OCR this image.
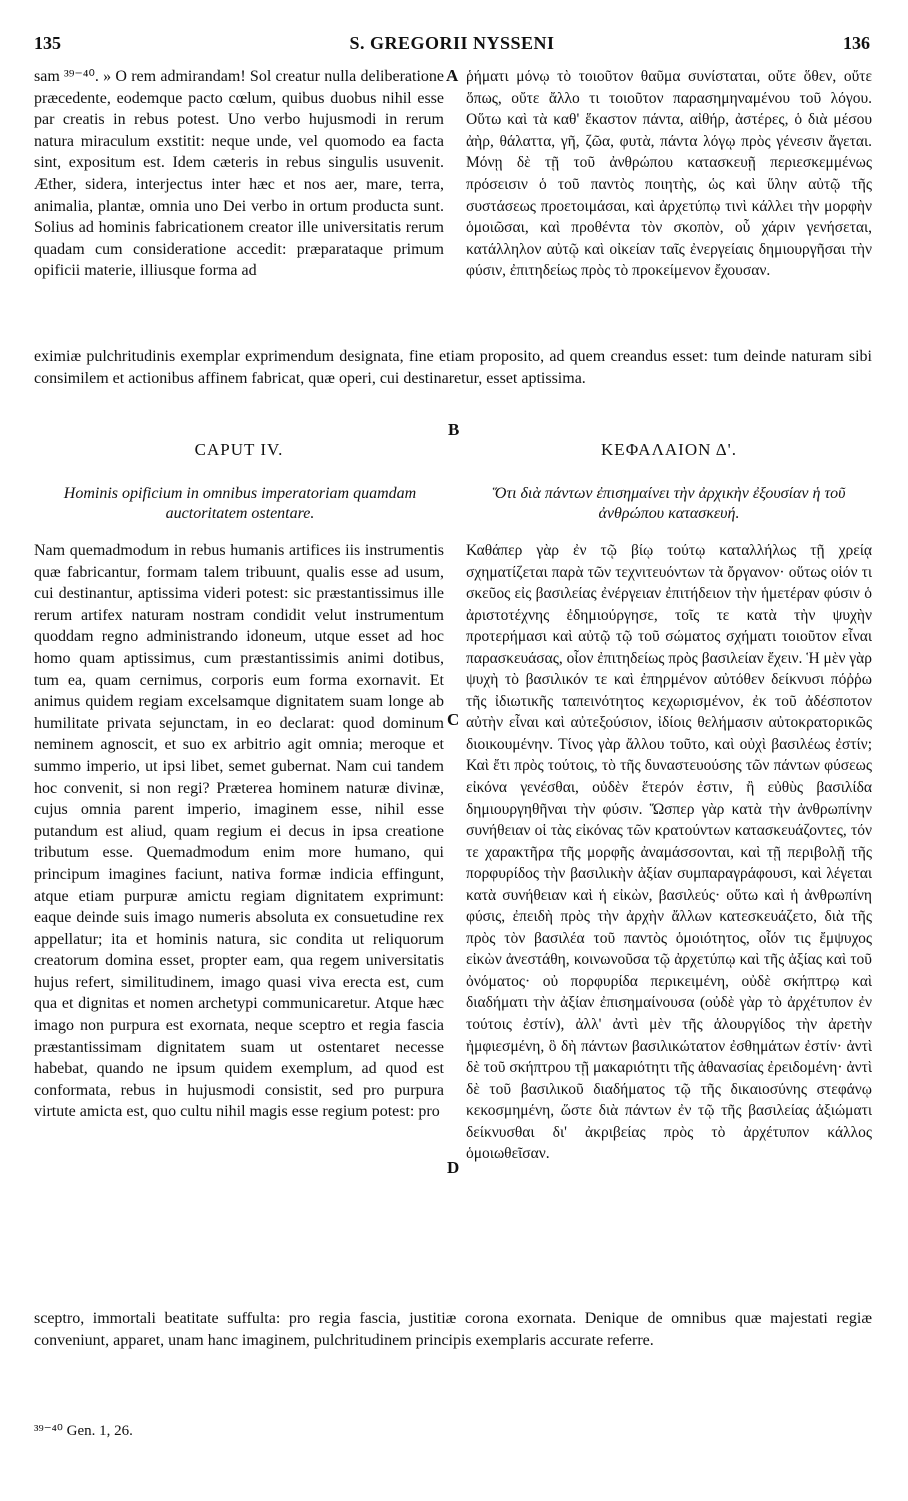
135	S. GREGORII NYSSENI	136
A
B
C
D

sam ³⁹⁻⁴⁰. » O rem admirandam! Sol creatur nulla deliberatione præcedente, eodemque pacto cœlum, quibus duobus nihil esse par creatis in rebus potest. Uno verbo hujusmodi in rerum natura miraculum exstitit: neque unde, vel quomodo ea facta sint, expositum est. Idem cæteris in rebus singulis usuvenit. Æther, sidera, interjectus inter hæc et nos aer, mare, terra, animalia, plantæ, omnia uno Dei verbo in ortum producta sunt. Solius ad hominis fabricationem creator ille universitatis rerum quadam cum consideratione accedit: præparataque primum opificii materie, illiusque forma ad

ῥήματι μόνῳ τὸ τοιοῦτον θαῦμα συνίσταται, οὔτε ὅθεν, οὔτε ὅπως, οὔτε ἄλλο τι τοιοῦτον παρασημηναμένου τοῦ λόγου. Οὕτω καὶ τὰ καθ' ἕκαστον πάντα, αἰθήρ, ἀστέρες, ὁ διὰ μέσου ἀὴρ, θάλαττα, γῆ, ζῶα, φυτὰ, πάντα λόγῳ πρὸς γένεσιν ἄγεται. Μόνῃ δὲ τῇ τοῦ ἀνθρώπου κατασκευῇ περιεσκεμμένως πρόσεισιν ὁ τοῦ παντὸς ποιητὴς, ὡς καὶ ὕλην αὐτῷ τῆς συστάσεως προετοιμάσαι, καὶ ἀρχετύπῳ τινὶ κάλλει τὴν μορφὴν ὁμοιῶσαι, καὶ προθέντα τὸν σκοπὸν, οὗ χάριν γενήσεται, κατάλληλον αὐτῷ καὶ οἰκείαν ταῖς ἐνεργείαις δημιουργῆσαι τὴν φύσιν, ἐπιτηδείως πρὸς τὸ προκείμενον ἔχουσαν.

eximiæ pulchritudinis exemplar exprimendum designata, fine etiam proposito, ad quem creandus esset: tum deinde naturam sibi consimilem et actionibus affinem fabricat, quæ operi, cui destinaretur, esset aptissima.
CAPUT IV.	ΚΕΦΑΛΑΙΟΝ Δ'.
Hominis opificium in omnibus imperatoriam quamdam auctoritatem ostentare.
Ὅτι διὰ πάντων ἐπισημαίνει τὴν ἀρχικὴν ἐξουσίαν ἡ τοῦ ἀνθρώπου κατασκευή.

Nam quemadmodum in rebus humanis artifices iis instrumentis quæ fabricantur, formam talem tribuunt, qualis esse ad usum, cui destinantur, aptissima videri potest: sic præstantissimus ille rerum artifex naturam nostram condidit velut instrumentum quoddam regno administrando idoneum, utque esset ad hoc homo quam aptissimus, cum præstantissimis animi dotibus, tum ea, quam cernimus, corporis eum forma exornavit. Et animus quidem regiam excelsamque dignitatem suam longe ab humilitate privata sejunctam, in eo declarat: quod dominum neminem agnoscit, et suo ex arbitrio agit omnia; meroque et summo imperio, ut ipsi libet, semet gubernat. Nam cui tandem hoc convenit, si non regi? Præterea hominem naturæ divinæ, cujus omnia parent imperio, imaginem esse, nihil esse putandum est aliud, quam regium ei decus in ipsa creatione tributum esse. Quemadmodum enim more humano, qui principum imagines faciunt, nativa formæ indicia effingunt, atque etiam purpuræ amictu regiam dignitatem exprimunt: eaque deinde suis imago numeris absoluta ex consuetudine rex appellatur; ita et hominis natura, sic condita ut reliquorum creatorum domina esset, propter eam, qua regem universitatis hujus refert, similitudinem, imago quasi viva erecta est, cum qua et dignitas et nomen archetypi communicaretur. Atque hæc imago non purpura est exornata, neque sceptro et regia fascia præstantissimam dignitatem suam ut ostentaret necesse habebat, quando ne ipsum quidem exemplum, ad quod est conformata, rebus in hujusmodi consistit, sed pro purpura virtute amicta est, quo cultu nihil magis esse regium potest: pro

Καθάπερ γὰρ ἐν τῷ βίῳ τούτῳ καταλλήλως τῇ χρείᾳ σχηματίζεται παρὰ τῶν τεχνιτευόντων τὰ ὄργανον· οὕτως οἱόν τι σκεῦος εἰς βασιλείας ἐνέργειαν ἐπιτήδειον τὴν ἡμετέραν φύσιν ὁ ἀριστοτέχνης ἐδημιούργησε, τοῖς τε κατὰ τὴν ψυχὴν προτερήμασι καὶ αὐτῷ τῷ τοῦ σώματος σχήματι τοιοῦτον εἶναι παρασκευάσας, οἷον ἐπιτηδείως πρὸς βασιλείαν ἔχειν. Ἡ μὲν γὰρ ψυχὴ τὸ βασιλικόν τε καὶ ἐπηρμένον αὐτόθεν δείκνυσι πόῤῥω τῆς ἰδιωτικῆς ταπεινότητος κεχωρισμένον, ἐκ τοῦ ἀδέσποτον αὐτὴν εἶναι καὶ αὐτεξούσιον, ἰδίοις θελήμασιν αὐτοκρατορικῶς διοικουμένην. Τίνος γὰρ ἄλλου τοῦτο, καὶ οὐχὶ βασιλέως ἐστίν; Καὶ ἔτι πρὸς τούτοις, τὸ τῆς δυναστευούσης τῶν πάντων φύσεως εἰκόνα γενέσθαι, οὐδὲν ἕτερόν ἐστιν, ἢ εὐθὺς βασιλίδα δημιουργηθῆναι τὴν φύσιν. Ὥσπερ γὰρ κατὰ τὴν ἀνθρωπίνην συνήθειαν οἱ τὰς εἰκόνας τῶν κρατούντων κατασκευάζοντες, τόν τε χαρακτῆρα τῆς μορφῆς ἀναμάσσονται, καὶ τῇ περιβολῇ τῆς πορφυρίδος τὴν βασιλικὴν ἀξίαν συμπαραγράφουσι, καὶ λέγεται κατὰ συνήθειαν καὶ ἡ εἰκὼν, βασιλεύς· οὕτω καὶ ἡ ἀνθρωπίνη φύσις, ἐπειδὴ πρὸς τὴν ἀρχὴν ἄλλων κατεσκευάζετο, διὰ τῆς πρὸς τὸν βασιλέα τοῦ παντὸς ὁμοιότητος, οἷόν τις ἔμψυχος εἰκὼν ἀνεστάθη, κοινωνοῦσα τῷ ἀρχετύπῳ καὶ τῆς ἀξίας καὶ τοῦ ὀνόματος· οὐ πορφυρίδα περικειμένη, οὐδὲ σκήπτρῳ καὶ διαδήματι τὴν ἀξίαν ἐπισημαίνουσα (οὐδὲ γὰρ τὸ ἀρχέτυπον ἐν τούτοις ἐστίν), ἀλλ' ἀντὶ μὲν τῆς ἁλουργίδος τὴν ἀρετὴν ἠμφιεσμένη, ὃ δὴ πάντων βασιλικώτατον ἐσθημάτων ἐστίν· ἀντὶ δὲ τοῦ σκήπτρου τῇ μακαριότητι τῆς ἀθανασίας ἐρειδομένη· ἀντὶ δὲ τοῦ βασιλικοῦ διαδήματος τῷ τῆς δικαιοσύνης στεφάνῳ κεκοσμημένη, ὥστε διὰ πάντων ἐν τῷ τῆς βασιλείας ἀξιώματι δείκνυσθαι δι' ἀκριβείας πρὸς τὸ ἀρχέτυπον κάλλος ὁμοιωθεῖσαν.

sceptro, immortali beatitate suffulta: pro regia fascia, justitiæ corona exornata. Denique de omnibus quæ majestati regiæ conveniunt, apparet, unam hanc imaginem, pulchritudinem principis exemplaris accurate referre.
³⁹⁻⁴⁰ Gen. 1, 26.
